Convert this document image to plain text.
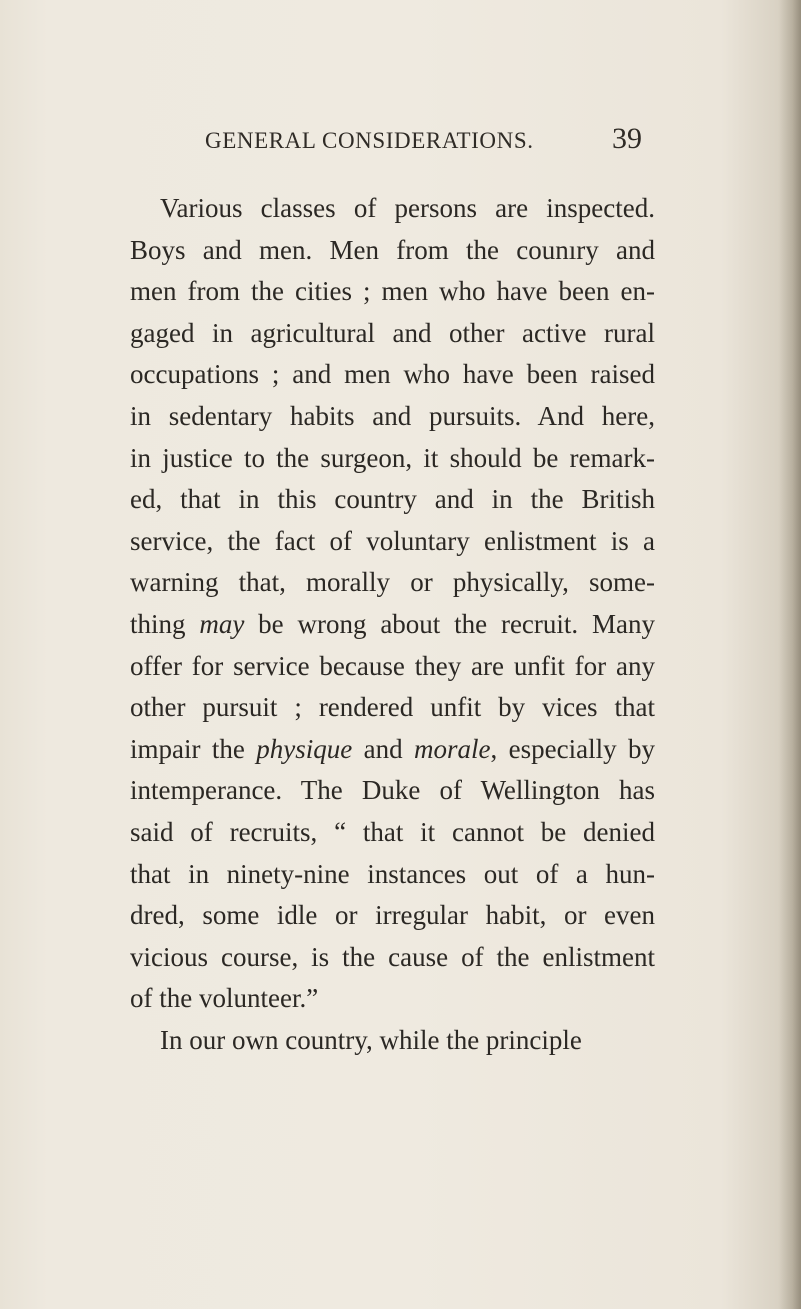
GENERAL CONSIDERATIONS.	39
Various classes of persons are inspected.
Boys and men. Men from the counıry and
men from the cities ; men who have been en-
gaged in agricultural and other active rural
occupations ; and men who have been raised
in sedentary habits and pursuits. And here,
in justice to the surgeon, it should be remark-
ed, that in this country and in the British
service, the fact of voluntary enlistment is a
warning that, morally or physically, some-
thing may be wrong about the recruit. Many
offer for service because they are unfit for any
other pursuit ; rendered unfit by vices that
impair the physique and morale, especially by
intemperance. The Duke of Wellington has
said of recruits, “ that it cannot be denied
that in ninety-nine instances out of a hun-
dred, some idle or irregular habit, or even
vicious course, is the cause of the enlistment
of the volunteer.”
In our own country, while the principle
